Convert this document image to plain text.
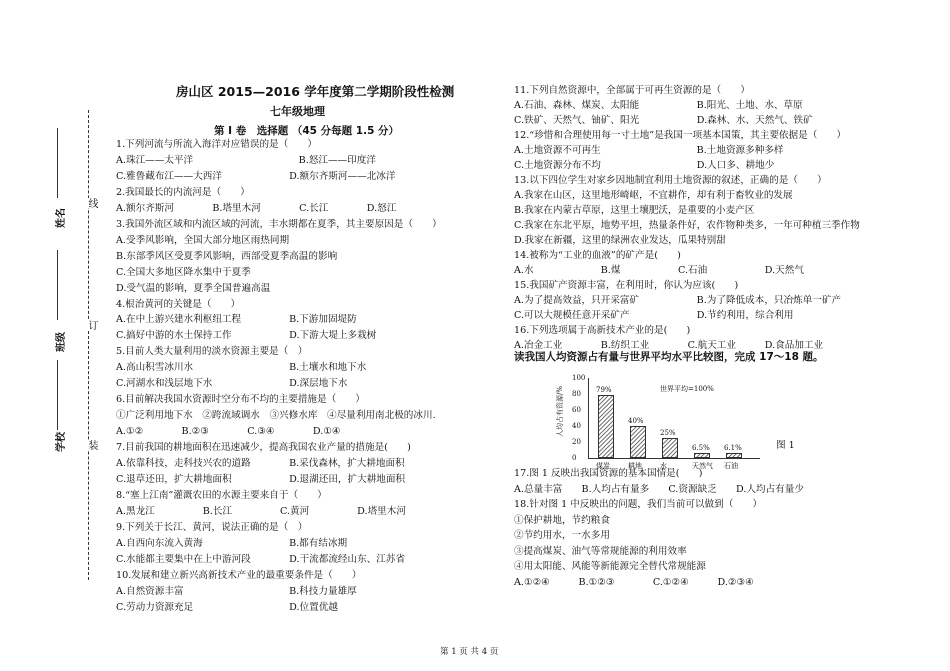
线
订
装
姓名
班级
学校
房山区 2015—2016 学年度第二学期阶段性检测
七年级地理
第 Ⅰ 卷　选择题 （45 分每题 1.5 分）
1.下列河流与所流入海洋对应错误的是（　　）
A.珠江——太平洋　　　　　　　　　　　B.怒江——印度洋
C.雅鲁藏布江——大西洋　　　　　　　D.额尔齐斯河——北冰洋
2.我国最长的内流河是（　　）
A.额尔齐斯河　　　　B.塔里木河　　　　C.长江　　　　D.怒江
3.我国外流区域和内流区域的河流，丰水期都在夏季，其主要原因是（　　）
A.受季风影响，全国大部分地区雨热同期
B.东部季风区受夏季风影响，西部受夏季高温的影响
C.全国大多地区降水集中于夏季
D.受气温的影响，夏季全国普遍高温
4.根治黄河的关键是（　　）
A.在中上游兴建水利枢纽工程　　　　　B.下游加固堤防
C.搞好中游的水土保持工作　　　　　　D.下游大堤上多栽树
5.目前人类大量利用的淡水资源主要是（　）
A.高山积雪冰川水　　　　　　　　　　B.土壤水和地下水
C.河湖水和浅层地下水　　　　　　　　D.深层地下水
6.目前解决我国水资源时空分布不均的主要措施是（　　）
①广泛利用地下水　②跨流域调水　③兴修水库　④尽量利用南北极的冰川.
A.①②　　　　B.②③　　　　C.③④　　　　D.①④
7.目前我国的耕地面积在迅速减少，提高我国农业产量的措施是(　　)
A.依靠科技，走科技兴农的道路　　　　B.采伐森林，扩大耕地面积
C.退草还田，扩大耕地面积　　　　　　D.退湖还田，扩大耕地面积
8.“塞上江南”灌溉农田的水源主要来自于（　　）
A.黑龙江　　　　　B.长江　　　　　C.黄河　　　　　D.塔里木河
9.下列关于长江、黄河，说法正确的是（　）
A.自西向东流入黄海　　　　　　　　　B.都有结冰期
C.水能都主要集中在上中游河段　　　　D.干流都流经山东、江苏省
10.发展和建立新兴高新技术产业的最重要条件是（　　）
A.自然资源丰富　　　　　　　　　　　B.科技力量雄厚
C.劳动力资源充足　　　　　　　　　　D.位置优越
11.下列自然资源中，全部属于可再生资源的是（　　）
A.石油、森林、煤炭、太阳能　　　　　　B.阳光、土地、水、草原
C.铁矿、天然气、铀矿、阳光　　　　　　D.森林、水、天然气、铁矿
12.“珍惜和合理使用每一寸土地”是我国一项基本国策，其主要依据是（　　）
A.土地资源不可再生　　　　　　　　　　B.土地资源多种多样
C.土地资源分布不均　　　　　　　　　　D.人口多、耕地少
13.以下四位学生对家乡因地制宜利用土地资源的叙述，正确的是（　　）
A.我家在山区，这里地形崎岖，不宜耕作，却有利于畜牧业的发展
B.我家在内蒙古草原，这里土壤肥沃，是重要的小麦产区
C.我家在东北平原，地势平坦，热量条件好，农作物种类多，一年可种植三季作物
D.我家在新疆，这里的绿洲农业发达，瓜果特别甜
14.被称为“工业的血液”的矿产是(　　)
A.水　　　　　　　B.煤　　　　　　C.石油　　　　　　D.天然气
15.我国矿产资源丰富，在利用时，你认为应该(　　)
A.为了提高效益，只开采富矿　　　　　　B.为了降低成本，只冶炼单一矿产
C.可以大规模任意开采矿产　　　　　　　D.节约利用，综合利用
16.下列选项属于高新技术产业的是(　　)
A.冶金工业　　　　B.纺织工业　　　　C.航天工业　　　D.食品加工业
读我国人均资源占有量与世界平均水平比较图，完成 17～18 题。
人均占有资源/%
100
80
60
40
20
0
世界平均=100%
79%
煤炭
40%
耕地
25%
水
6.5%
天然气
6.1%
石油
图 1
17.图 1 反映出我国资源的基本国情是(　　)
A.总量丰富　　B.人均占有量多　　C.资源缺乏　　D.人均占有量少
18.针对图 1 中反映出的问题，我们当前可以做到（　　）
①保护耕地，节约粮食
②节约用水，一水多用
③提高煤炭、油气等常规能源的利用效率
④用太阳能、风能等新能源完全替代常规能源
A.①②④　　　B.①②③　　　　C.①②④　　　D.②③④
第 1 页 共 4 页
